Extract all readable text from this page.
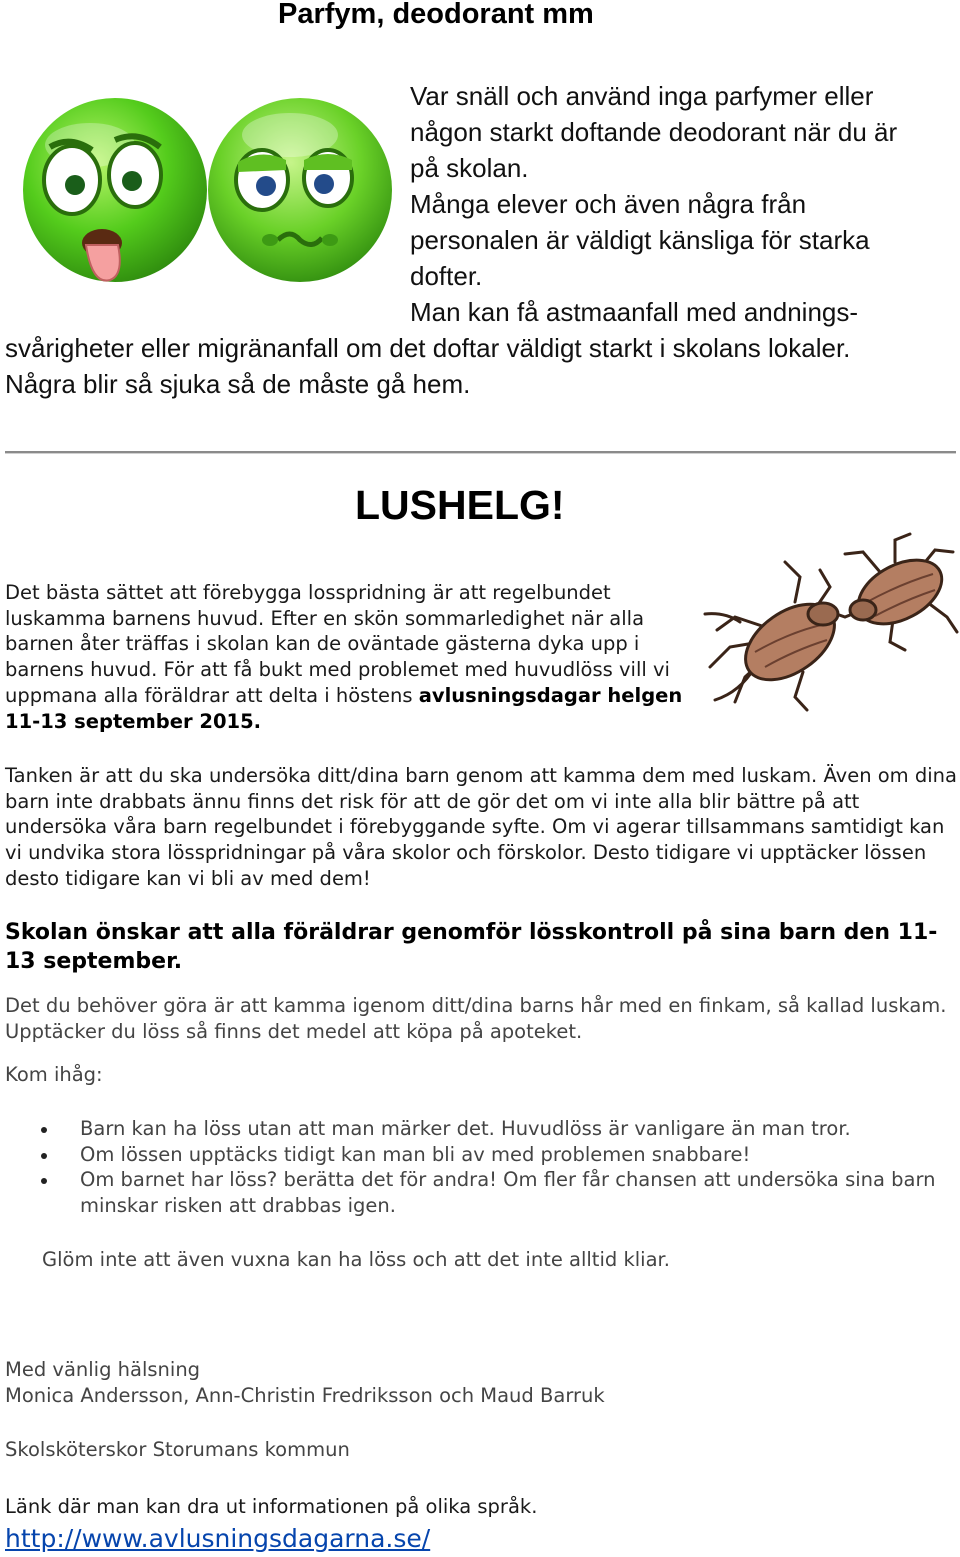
Parfym, deodorant mm
Var snäll och använd inga parfymer eller
någon starkt doftande deodorant när du är
på skolan.
Många elever och även några från
personalen är väldigt känsliga för starka
dofter.
Man kan få astmaanfall med andnings-
svårigheter eller migränanfall om det doftar väldigt starkt i skolans lokaler.
Några blir så sjuka så de måste gå hem.
LUSHELG!
Det bästa sättet att förebygga losspridning är att regelbundet luskamma barnens huvud. Efter en skön sommarledighet när alla barnen åter träffas i skolan kan de oväntade gästerna dyka upp i barnens huvud. För att få bukt med problemet med huvudlöss vill vi uppmana alla föräldrar att delta i höstens avlusningsdagar helgen 11-13 september 2015.
Tanken är att du ska undersöka ditt/dina barn genom att kamma dem med luskam. Även om dina barn inte drabbats ännu finns det risk för att de gör det om vi inte alla blir bättre på att undersöka våra barn regelbundet i förebyggande syfte. Om vi agerar tillsammans samtidigt kan vi undvika stora lösspridningar på våra skolor och förskolor. Desto tidigare vi upptäcker lössen desto tidigare kan vi bli av med dem!
Skolan önskar att alla föräldrar genomför lösskontroll på sina barn den 11-13 september.
Det du behöver göra är att kamma igenom ditt/dina barns hår med en finkam, så kallad luskam. Upptäcker du löss så finns det medel att köpa på apoteket.
Kom ihåg:
Barn kan ha löss utan att man märker det. Huvudlöss är vanligare än man tror.
Om lössen upptäcks tidigt kan man bli av med problemen snabbare!
Om barnet har löss? berätta det för andra! Om fler får chansen att undersöka sina barn minskar risken att drabbas igen.
Glöm inte att även vuxna kan ha löss och att det inte alltid kliar.
Med vänlig hälsning
Monica Andersson, Ann-Christin Fredriksson och Maud Barruk
Skolsköterskor Storumans kommun
Länk där man kan dra ut informationen på olika språk.
http://www.avlusningsdagarna.se/
